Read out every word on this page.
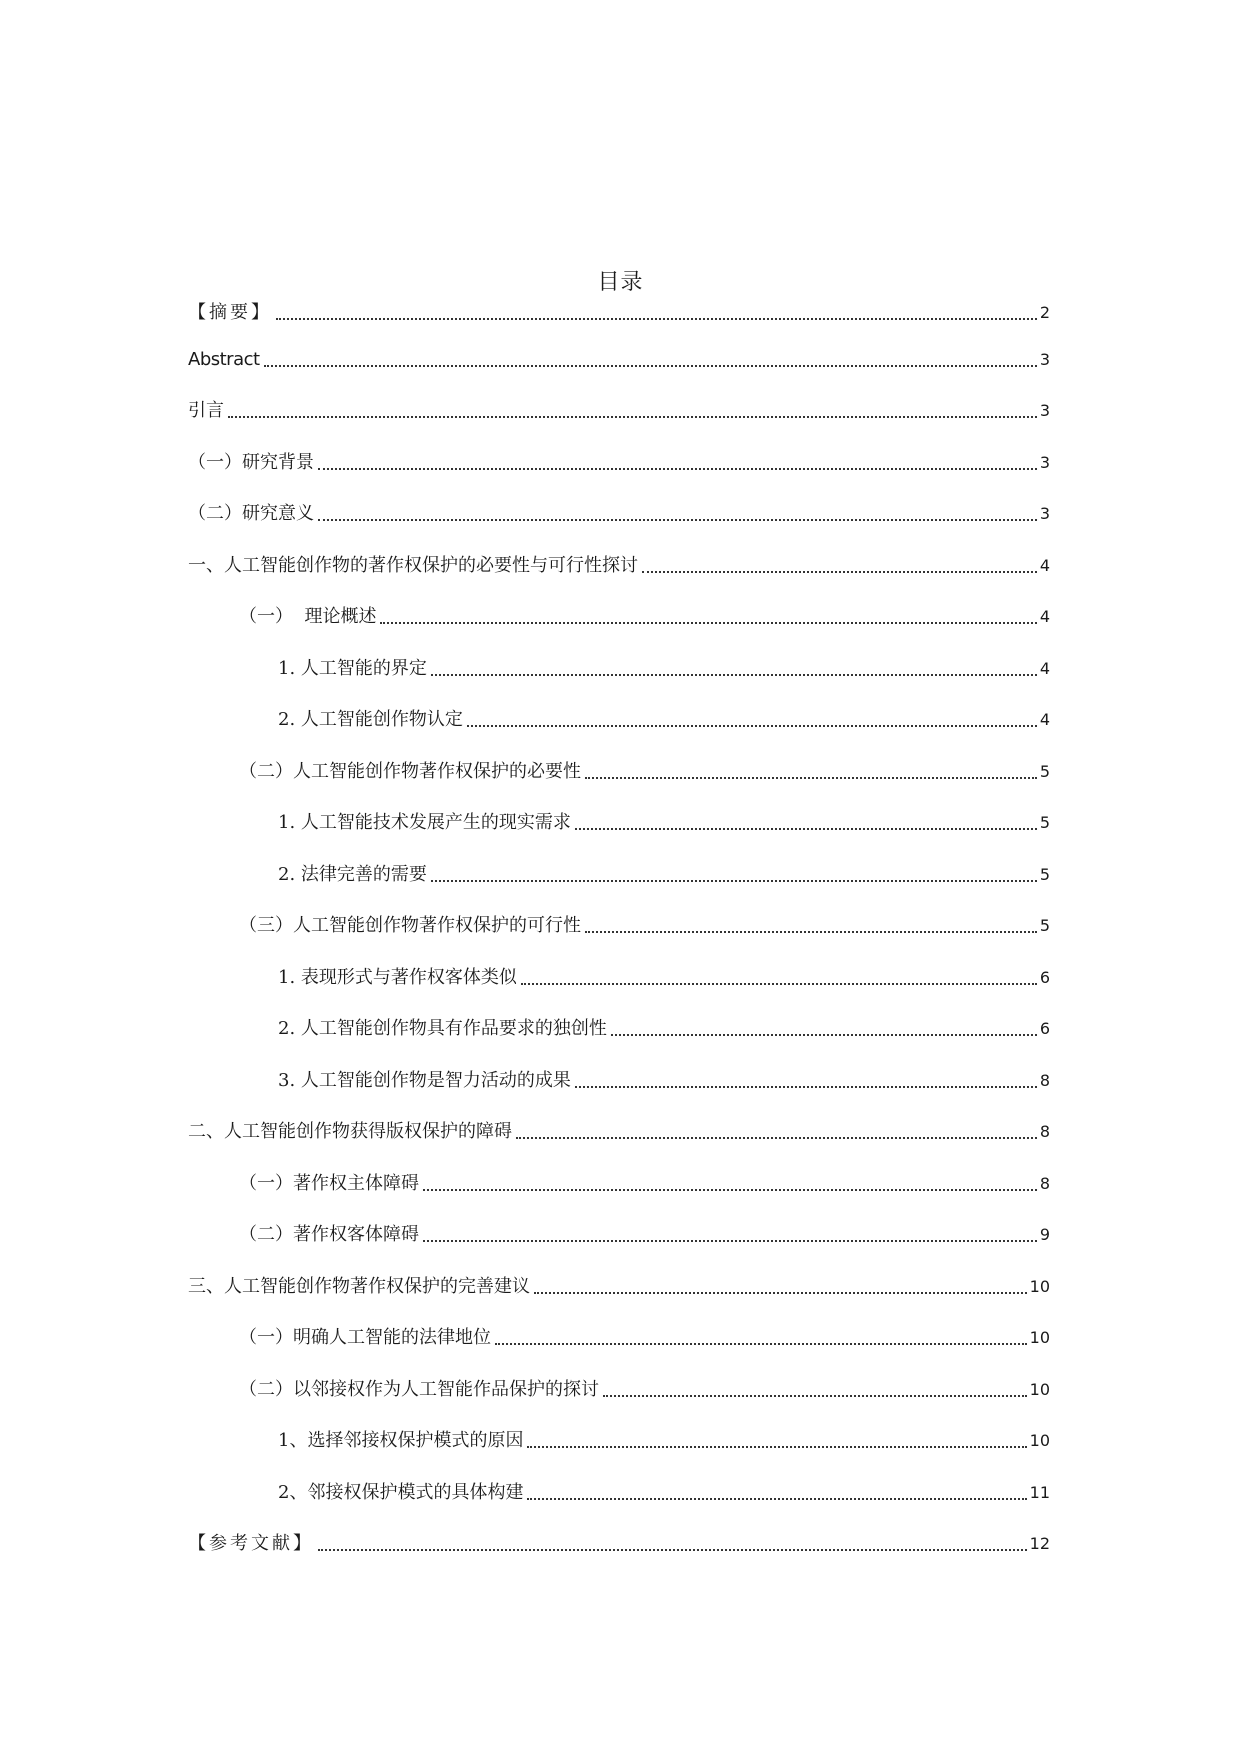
目录
【摘要】	2
Abstract	3
引言	3
（一）研究背景	3
（二）研究意义	3
一、人工智能创作物的著作权保护的必要性与可行性探讨	4
（一）  理论概述	4
1. 人工智能的界定	4
2. 人工智能创作物认定	4
（二）人工智能创作物著作权保护的必要性	5
1. 人工智能技术发展产生的现实需求	5
2. 法律完善的需要	5
（三）人工智能创作物著作权保护的可行性	5
1. 表现形式与著作权客体类似	6
2. 人工智能创作物具有作品要求的独创性	6
3. 人工智能创作物是智力活动的成果	8
二、人工智能创作物获得版权保护的障碍	8
（一）著作权主体障碍	8
（二）著作权客体障碍	9
三、人工智能创作物著作权保护的完善建议	10
（一）明确人工智能的法律地位	10
（二）以邻接权作为人工智能作品保护的探讨	10
1、选择邻接权保护模式的原因	10
2、邻接权保护模式的具体构建	11
【参考文献】	12
